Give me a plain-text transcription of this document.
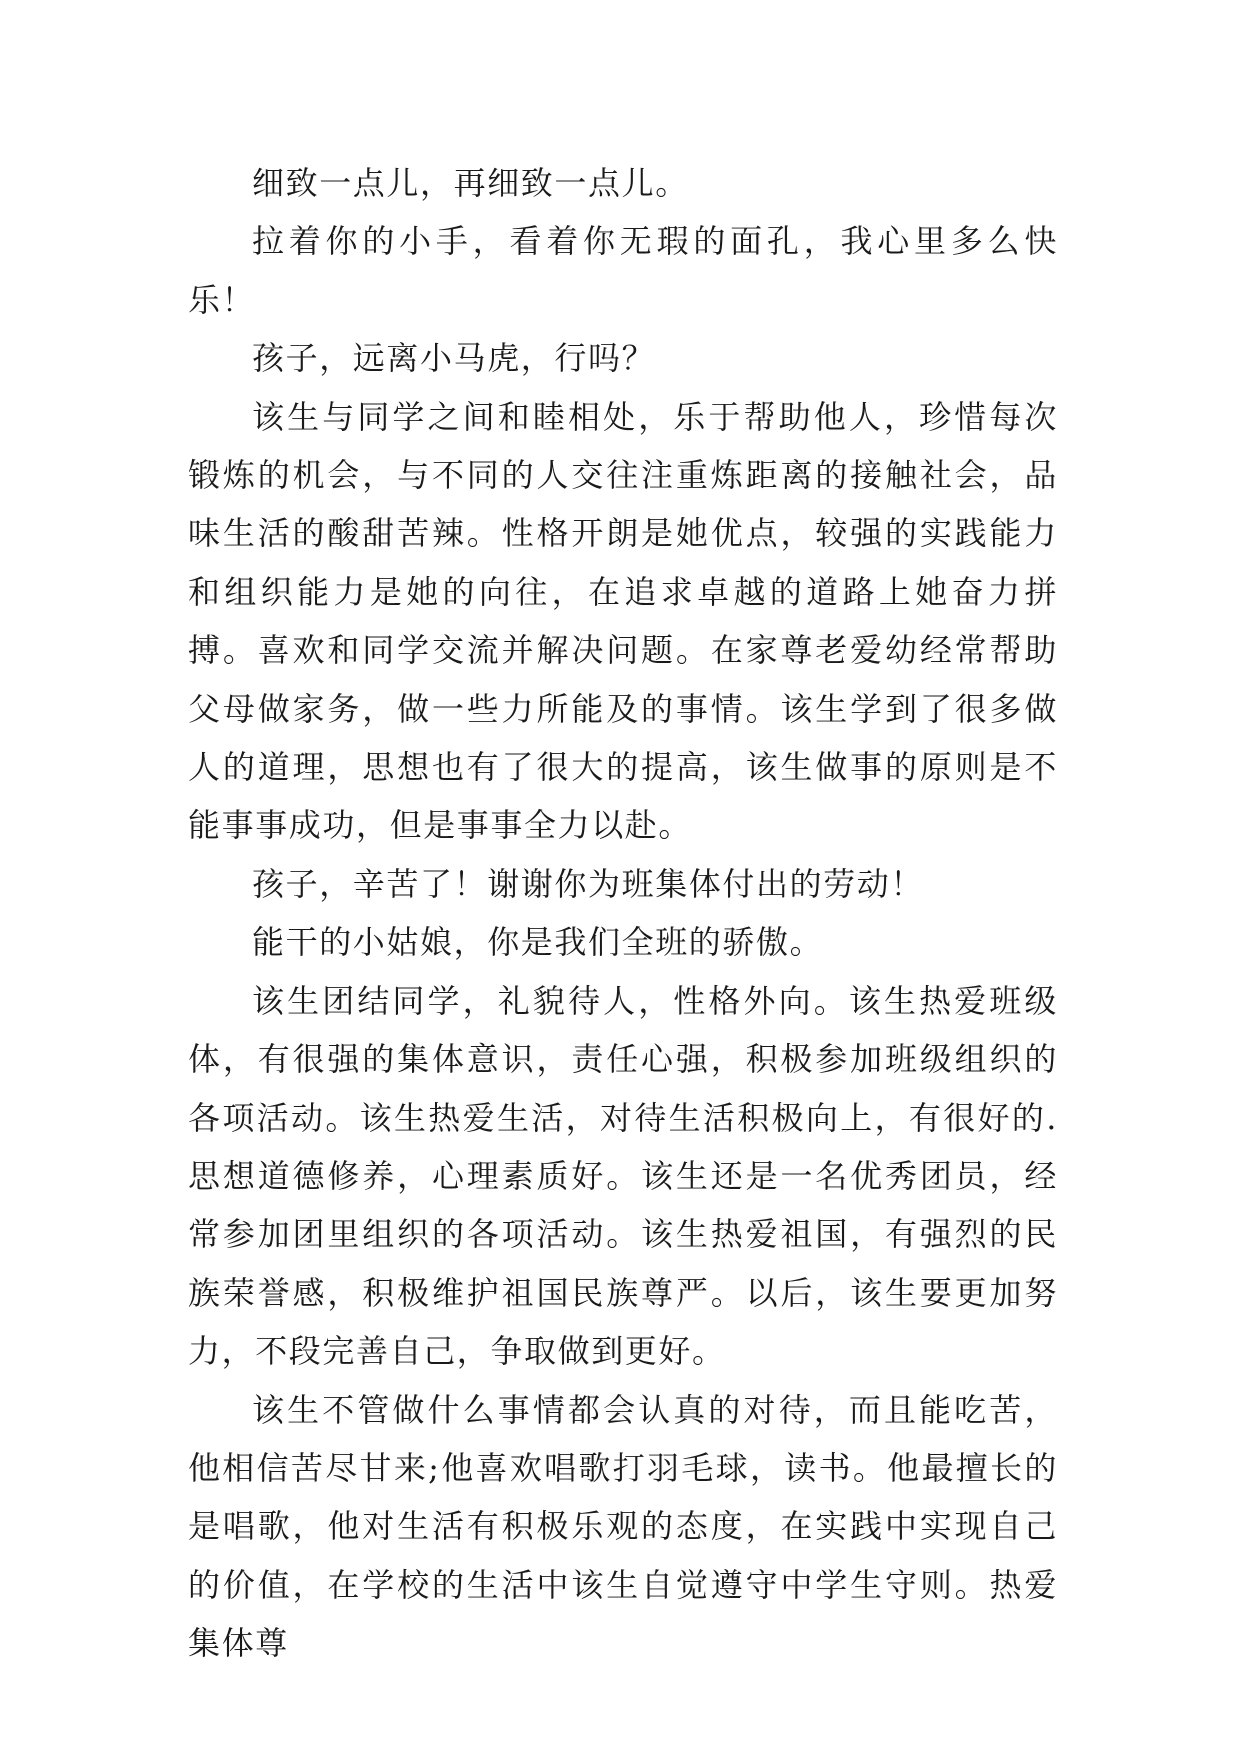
细致一点儿，再细致一点儿。

拉着你的小手，看着你无瑕的面孔，我心里多么快乐！

孩子，远离小马虎，行吗？

该生与同学之间和睦相处，乐于帮助他人，珍惜每次锻炼的机会，与不同的人交往注重炼距离的接触社会，品味生活的酸甜苦辣。性格开朗是她优点，较强的实践能力和组织能力是她的向往，在追求卓越的道路上她奋力拼搏。喜欢和同学交流并解决问题。在家尊老爱幼经常帮助父母做家务，做一些力所能及的事情。该生学到了很多做人的道理，思想也有了很大的提高，该生做事的原则是不能事事成功，但是事事全力以赴。

孩子，辛苦了！谢谢你为班集体付出的劳动！

能干的小姑娘，你是我们全班的骄傲。

该生团结同学，礼貌待人，性格外向。该生热爱班级体，有很强的集体意识，责任心强，积极参加班级组织的各项活动。该生热爱生活，对待生活积极向上，有很好的.思想道德修养，心理素质好。该生还是一名优秀团员，经常参加团里组织的各项活动。该生热爱祖国，有强烈的民族荣誉感，积极维护祖国民族尊严。以后，该生要更加努力，不段完善自己，争取做到更好。

该生不管做什么事情都会认真的对待，而且能吃苦，他相信苦尽甘来;他喜欢唱歌打羽毛球，读书。他最擅长的是唱歌，他对生活有积极乐观的态度，在实践中实现自己的价值，在学校的生活中该生自觉遵守中学生守则。热爱集体尊
